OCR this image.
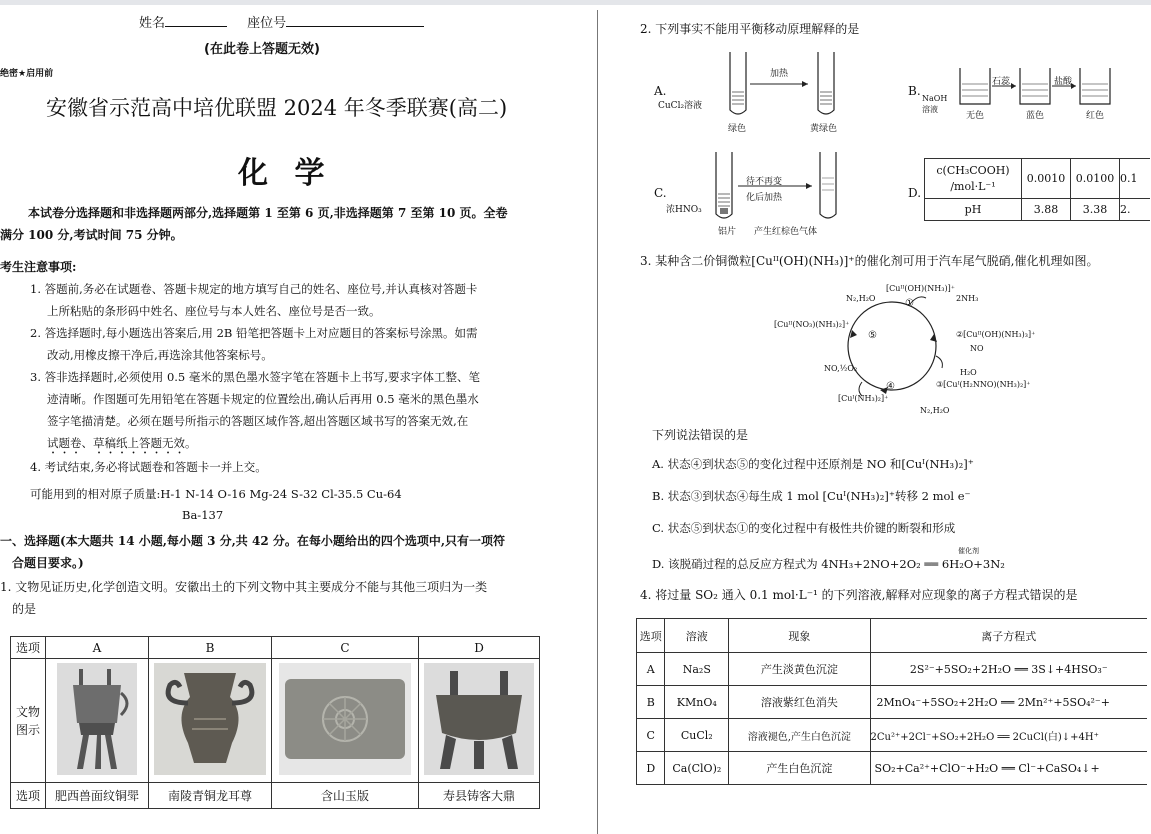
姓名	座位号
(在此卷上答题无效)
绝密★启用前
安徽省示范高中培优联盟 2024 年冬季联赛(高二)
化 学
本试卷分选择题和非选择题两部分,选择题第 1 至第 6 页,非选择题第 7 至第 10 页。全卷
满分 100 分,考试时间 75 分钟。
考生注意事项:
1. 答题前,务必在试题卷、答题卡规定的地方填写自己的姓名、座位号,并认真核对答题卡
上所粘贴的条形码中姓名、座位号与本人姓名、座位号是否一致。
2. 答选择题时,每小题选出答案后,用 2B 铅笔把答题卡上对应题目的答案标号涂黑。如需
改动,用橡皮擦干净后,再选涂其他答案标号。
3. 答非选择题时,必须使用 0.5 毫米的黑色墨水签字笔在答题卡上书写,要求字体工整、笔
迹清晰。作图题可先用铅笔在答题卡规定的位置绘出,确认后再用 0.5 毫米的黑色墨水
签字笔描清楚。必须在题号所指示的答题区域作答,超出答题区域书写的答案无效,在
试题卷、草稿纸上答题无效。
4. 考试结束,务必将试题卷和答题卡一并上交。
可能用到的相对原子质量:H-1 N-14 O-16 Mg-24 S-32 Cl-35.5 Cu-64
Ba-137
一、选择题(本大题共 14 小题,每小题 3 分,共 42 分。在每小题给出的四个选项中,只有一项符
合题目要求。)
1. 文物见证历史,化学创造文明。安徽出土的下列文物中其主要成分不能与其他三项归为一类
的是
选项	A	B	C	D
文物图示				
选项	肥西兽面纹铜斝	南陵青铜龙耳尊	含山玉版	寿县铸客大鼎
2. 下列事实不能用平衡移动原理解释的是
A.
CuCl₂溶液
加热
绿色	黄绿色
B.
NaOH
溶液
石蕊	盐酸
无色	蓝色	红色
C.
浓HNO₃
待不再变
化后加热
铝片 产生红棕色气体
D.
c(CH₃COOH)
/mol·L⁻¹	0.0010	0.0100	0.1
pH	3.88	3.38	2.
3. 某种含二价铜微粒[Cuᴵᴵ(OH)(NH₃)]⁺的催化剂可用于汽车尾气脱硝,催化机理如图。
[Cuᴵᴵ(OH)(NH₃)]⁺
①
②[Cuᴵᴵ(OH)(NH₃)₃]⁺
③[Cuᴵ(H₂NNO)(NH₃)₂]⁺
[Cuᴵ(NH₃)₂]⁺
④
[Cuᴵᴵ(NO₃)(NH₃)₂]⁺
⑤
2NH₃
NO
H₂O
N₂,H₂O
NO,½O₂
N₂,H₂O
下列说法错误的是
A. 状态④到状态⑤的变化过程中还原剂是 NO 和[Cuᴵ(NH₃)₂]⁺
B. 状态③到状态④每生成 1 mol [Cuᴵ(NH₃)₂]⁺转移 2 mol e⁻
C. 状态⑤到状态①的变化过程中有极性共价键的断裂和形成
D. 该脱硝过程的总反应方程式为 4NH₃+2NO+2O₂ ══ 6H₂O+3N₂
催化剂
4. 将过量 SO₂ 通入 0.1 mol·L⁻¹ 的下列溶液,解释对应现象的离子方程式错误的是
选项	溶液	现象	离子方程式
A	Na₂S	产生淡黄色沉淀	2S²⁻+5SO₂+2H₂O ══ 3S↓+4HSO₃⁻
B	KMnO₄	溶液紫红色消失	2MnO₄⁻+5SO₂+2H₂O ══ 2Mn²⁺+5SO₄²⁻+
C	CuCl₂	溶液褪色,产生白色沉淀	2Cu²⁺+2Cl⁻+SO₂+2H₂O ══ 2CuCl(白)↓+4H⁺
D	Ca(ClO)₂	产生白色沉淀	SO₂+Ca²⁺+ClO⁻+H₂O ══ Cl⁻+CaSO₄↓+
